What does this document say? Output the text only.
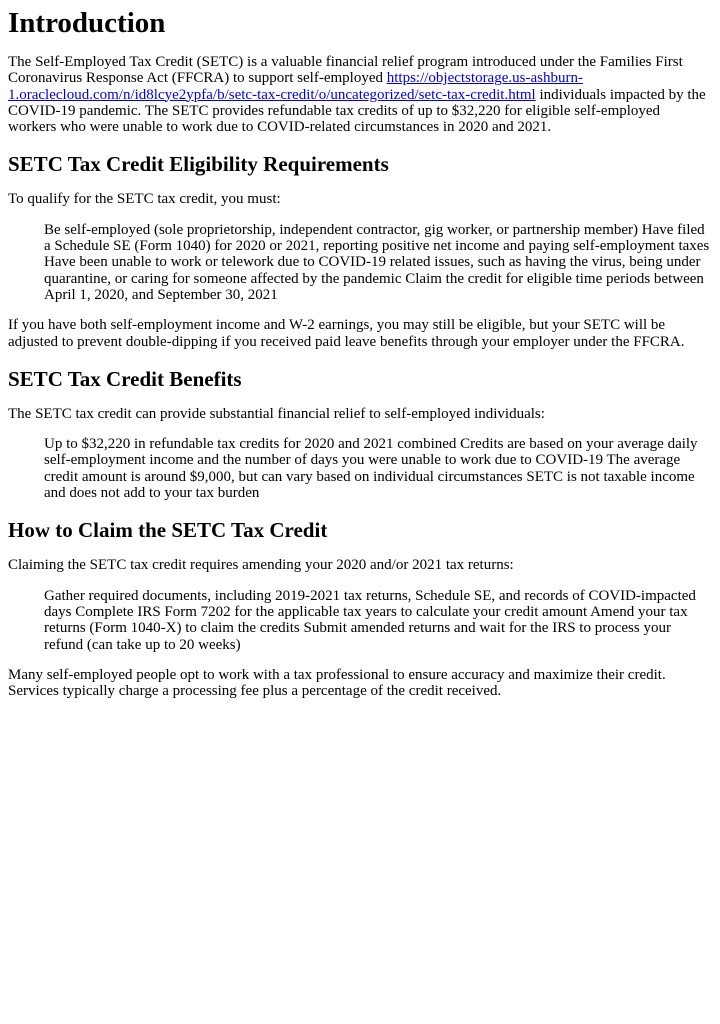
Introduction

The Self-Employed Tax Credit (SETC) is a valuable financial relief program introduced under the Families First Coronavirus Response Act (FFCRA) to support self-employed https://objectstorage.us-ashburn-1.oraclecloud.com/n/id8lcye2ypfa/b/setc-tax-credit/o/uncategorized/setc-tax-credit.html individuals impacted by the COVID-19 pandemic. The SETC provides refundable tax credits of up to $32,220 for eligible self-employed workers who were unable to work due to COVID-related circumstances in 2020 and 2021.

SETC Tax Credit Eligibility Requirements

To qualify for the SETC tax credit, you must:

Be self-employed (sole proprietorship, independent contractor, gig worker, or partnership member) Have filed a Schedule SE (Form 1040) for 2020 or 2021, reporting positive net income and paying self-employment taxes Have been unable to work or telework due to COVID-19 related issues, such as having the virus, being under quarantine, or caring for someone affected by the pandemic Claim the credit for eligible time periods between April 1, 2020, and September 30, 2021

If you have both self-employment income and W-2 earnings, you may still be eligible, but your SETC will be adjusted to prevent double-dipping if you received paid leave benefits through your employer under the FFCRA.

SETC Tax Credit Benefits

The SETC tax credit can provide substantial financial relief to self-employed individuals:

Up to $32,220 in refundable tax credits for 2020 and 2021 combined Credits are based on your average daily self-employment income and the number of days you were unable to work due to COVID-19 The average credit amount is around $9,000, but can vary based on individual circumstances SETC is not taxable income and does not add to your tax burden
How to Claim the SETC Tax Credit

Claiming the SETC tax credit requires amending your 2020 and/or 2021 tax returns:

Gather required documents, including 2019-2021 tax returns, Schedule SE, and records of COVID-impacted days Complete IRS Form 7202 for the applicable tax years to calculate your credit amount Amend your tax returns (Form 1040-X) to claim the credits Submit amended returns and wait for the IRS to process your refund (can take up to 20 weeks)

Many self-employed people opt to work with a tax professional to ensure accuracy and maximize their credit. Services typically charge a processing fee plus a percentage of the credit received.
